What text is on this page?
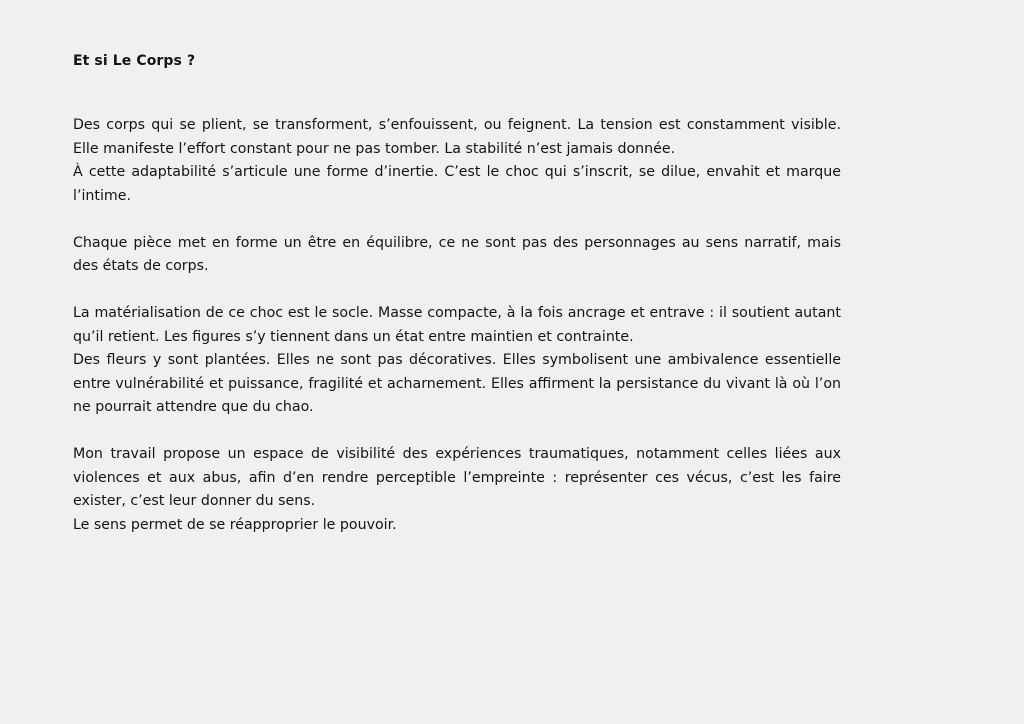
Et si Le Corps ?

Des corps qui se plient, se transforment, s’enfouissent, ou feignent. La tension est constamment visible. Elle manifeste l’effort constant pour ne pas tomber. La stabilité n’est jamais donnée.

À cette adaptabilité s’articule une forme d’inertie. C’est le choc qui s’inscrit, se dilue, envahit et marque l’intime.

Chaque pièce met en forme un être en équilibre, ce ne sont pas des personnages au sens narratif, mais des états de corps.

La matérialisation de ce choc est le socle. Masse compacte, à la fois ancrage et entrave : il soutient autant qu’il retient. Les figures s’y tiennent dans un état entre maintien et contrainte.

Des fleurs y sont plantées. Elles ne sont pas décoratives. Elles symbolisent une ambivalence essentielle entre vulnérabilité et puissance, fragilité et acharnement. Elles affirment la persistance du vivant là où l’on ne pourrait attendre que du chao.

Mon travail propose un espace de visibilité des expériences traumatiques, notamment celles liées aux violences et aux abus, afin d’en rendre perceptible l’empreinte : représenter ces vécus, c’est les faire exister, c’est leur donner du sens.

Le sens permet de se réapproprier le pouvoir.
